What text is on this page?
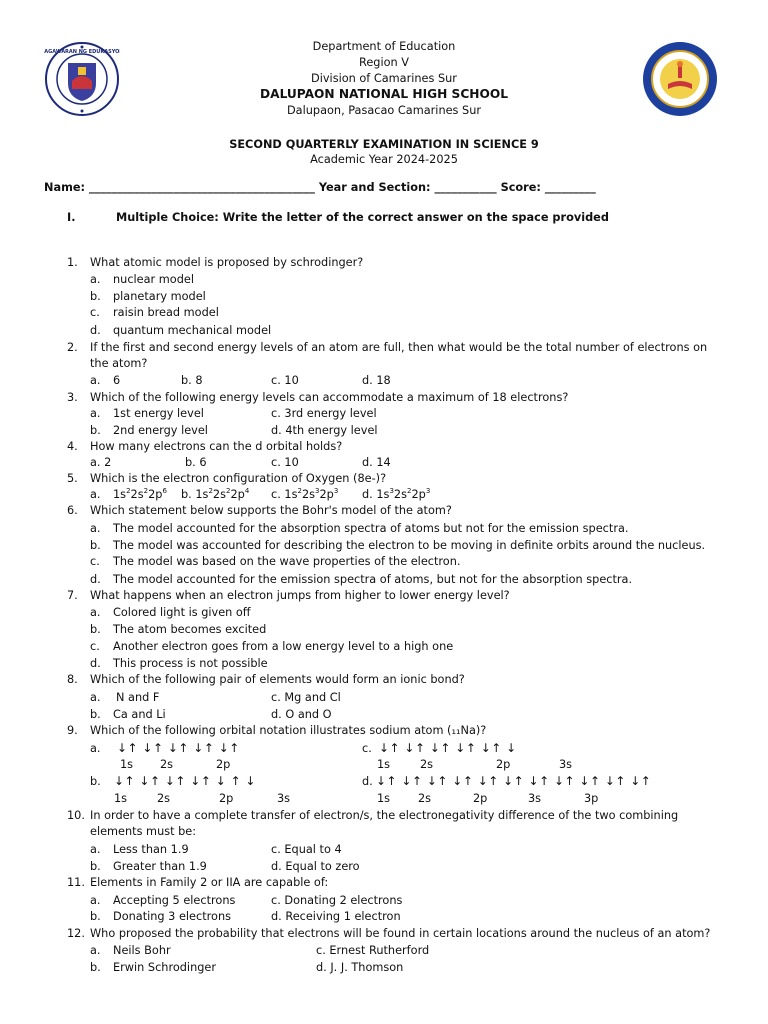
KAGAWARAN NG EDUKASYON	Department of Education
Region V
Division of Camarines Sur
DALUPAON NATIONAL HIGH SCHOOL
Dalupaon, Pasacao Camarines Sur
SECOND QUARTERLY EXAMINATION IN SCIENCE 9
Academic Year 2024-2025
Name: ________________________________________ Year and Section: ___________ Score: _________
I.	Multiple Choice: Write the letter of the correct answer on the space provided
1. What atomic model is proposed by schrodinger?
a. nuclear model
b. planetary model
c. raisin bread model
d. quantum mechanical model
2. If the first and second energy levels of an atom are full, then what would be the total number of electrons on
the atom?
a. 6	b. 8	c. 10	d. 18
3. Which of the following energy levels can accommodate a maximum of 18 electrons?
a. 1st energy level	c. 3rd energy level
b. 2nd energy level	d. 4th energy level
4. How many electrons can the d orbital holds?
a. 2	b. 6	c. 10	d. 14
5. Which is the electron configuration of Oxygen (8e-)?
a. $1s^22s^22p^6$ b. $1s^22s^22p^4$ c. $1s^22s^32p^3$ d. $1s^32s^22p^3$
6. Which statement below supports the Bohr's model of the atom?
a. The model accounted for the absorption spectra of atoms but not for the emission spectra.
b. The model was accounted for describing the electron to be moving in definite orbits around the nucleus.
c. The model was based on the wave properties of the electron.
d. The model accounted for the emission spectra of atoms, but not for the absorption spectra.
7. What happens when an electron jumps from higher to lower energy level?
a. Colored light is given off
b. The atom becomes excited
c. Another electron goes from a low energy level to a high one
d. This process is not possible
8. Which of the following pair of elements would form an ionic bond?
a. N and F	c. Mg and Cl
b. Ca and Li	d. O and O
9. Which of the following orbital notation illustrates sodium atom (₁₁Na)?
a. ↓↑ ↓↑ ↓↑ ↓↑ ↓↑
1s 2s	2p
c. ↓↑ ↓↑ ↓↑ ↓↑ ↓↑ ↓
1s	2s	2p	3s
b. ↓↑ ↓↑ ↓↑ ↓↑ ↓ ↑ ↓
1s	2s	2p	3s
d. ↓↑ ↓↑ ↓↑ ↓↑ ↓↑ ↓↑ ↓↑ ↓↑ ↓↑ ↓↑ ↓↑
1s 2s	2p	3s	3p
10. In order to have a complete transfer of electron/s, the electronegativity difference of the two combining
elements must be:
a. Less than 1.9	c. Equal to 4
b. Greater than 1.9	d. Equal to zero
11. Elements in Family 2 or IIA are capable of:
a. Accepting 5 electrons	c. Donating 2 electrons
b. Donating 3 electrons	d. Receiving 1 electron
12. Who proposed the probability that electrons will be found in certain locations around the nucleus of an atom?
a. Neils Bohr	c. Ernest Rutherford
b. Erwin Schrodinger	d. J. J. Thomson
